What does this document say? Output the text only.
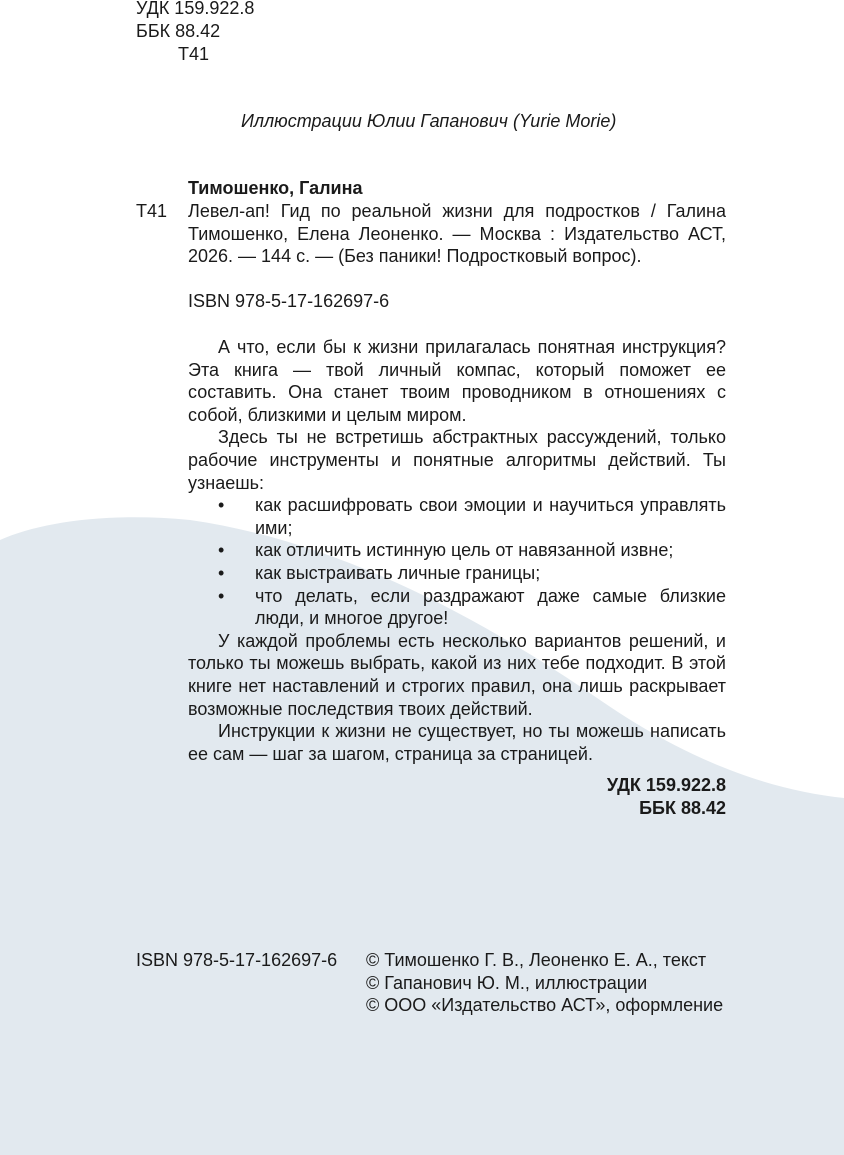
УДК 159.922.8
ББК 88.42
Т41
Иллюстрации Юлии Гапанович (Yurie Morie)
Тимошенко, Галина
Т41 Левел-ап! Гид по реальной жизни для подростков / Галина Тимошенко, Елена Леоненко. — Москва : Издательство АСТ, 2026. — 144 с. — (Без паники! Подростковый вопрос).
ISBN 978-5-17-162697-6

А что, если бы к жизни прилагалась понятная инструкция? Эта книга — твой личный компас, который поможет ее составить. Она станет твоим проводником в отношениях с собой, близкими и целым миром.

Здесь ты не встретишь абстрактных рассуждений, только рабочие инструменты и понятные алгоритмы действий. Ты узнаешь:

• как расшифровать свои эмоции и научиться управлять ими;
• как отличить истинную цель от навязанной извне;
• как выстраивать личные границы;
• что делать, если раздражают даже самые близкие люди, и многое другое!

У каждой проблемы есть несколько вариантов решений, и только ты можешь выбрать, какой из них тебе подходит. В этой книге нет наставлений и строгих правил, она лишь раскрывает возможные последствия твоих действий.

Инструкции к жизни не существует, но ты можешь написать ее сам — шаг за шагом, страница за страницей.

УДК 159.922.8
ББК 88.42
ISBN 978-5-17-162697-6 © Тимошенко Г. В., Леоненко Е. А., текст
© Гапанович Ю. М., иллюстрации
© ООО «Издательство АСТ», оформление
